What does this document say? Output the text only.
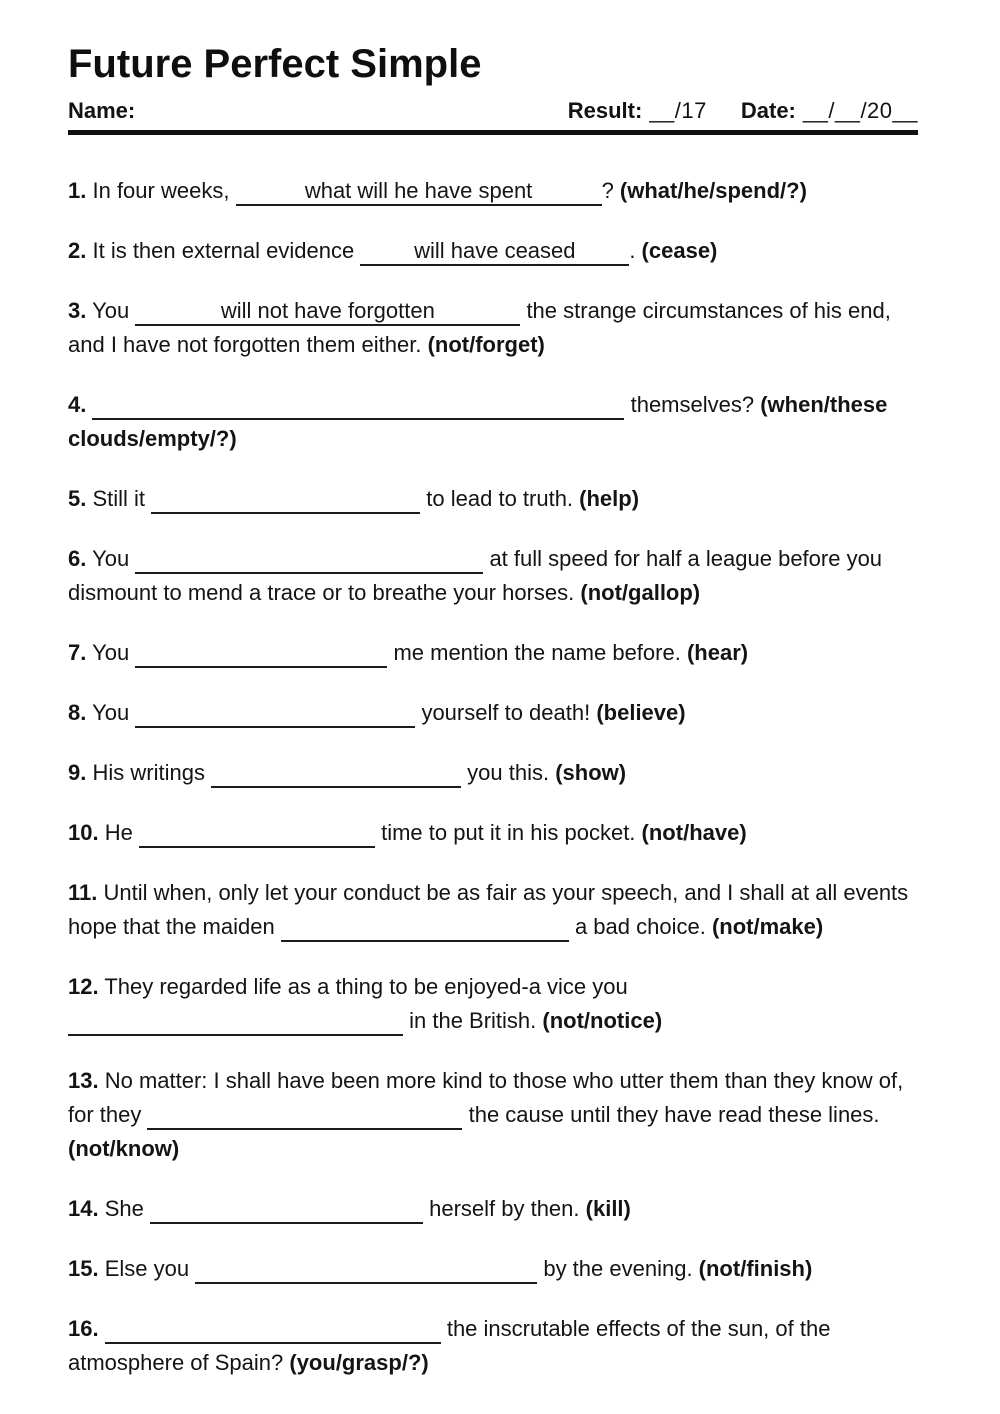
Future Perfect Simple
Name:	Result: __/17 Date: __/__/20__

1. In four weeks,	what will he have spent	? (what/he/spend/?)

2. It is then external evidence will have ceased . (cease)

3. You	will not have forgotten	the strange circumstances of his end, and I have not forgotten them either. (not/forget)

4.	themselves? (when/these clouds/empty/?)

5. Still it	to lead to truth. (help)

6. You	at full speed for half a league before you dismount to mend a trace or to breathe your horses. (not/gallop)

7. You	me mention the name before. (hear)

8. You	yourself to death! (believe)

9. His writings	you this. (show)

10. He	time to put it in his pocket. (not/have)

11. Until when, only let your conduct be as fair as your speech, and I shall at all events hope that the maiden	a bad choice. (not/make)

12. They regarded life as a thing to be enjoyed-a vice you   in the British. (not/notice)

13. No matter: I shall have been more kind to those who utter them than they know of, for they	the cause until they have read these lines. (not/know)

14. She	herself by then. (kill)

15. Else you	by the evening. (not/finish)

16.	the inscrutable effects of the sun, of the atmosphere of Spain? (you/grasp/?)
